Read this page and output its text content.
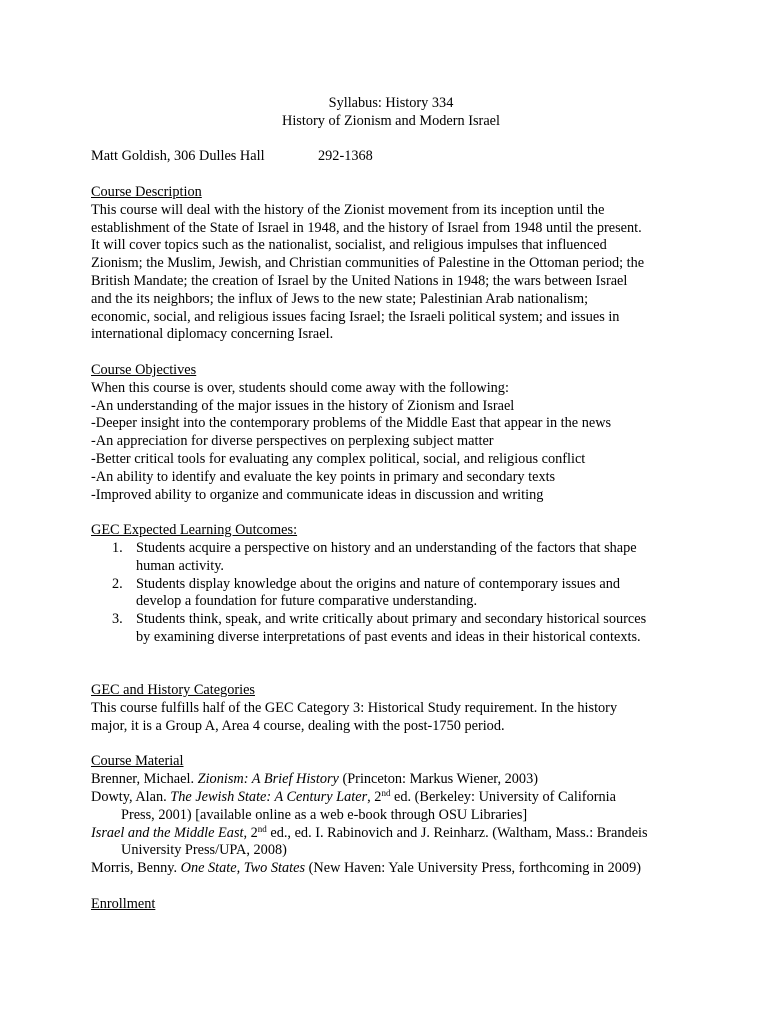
Syllabus: History 334
History of Zionism and Modern Israel
Matt Goldish, 306 Dulles Hall	292-1368
Course Description
This course will deal with the history of the Zionist movement from its inception until the
establishment of the State of Israel in 1948, and the history of Israel from 1948 until the present.
It will cover topics such as the nationalist, socialist, and religious impulses that influenced
Zionism; the Muslim, Jewish, and Christian communities of Palestine in the Ottoman period; the
British Mandate; the creation of Israel by the United Nations in 1948; the wars between Israel
and the its neighbors; the influx of Jews to the new state; Palestinian Arab nationalism;
economic, social, and religious issues facing Israel; the Israeli political system; and issues in
international diplomacy concerning Israel.
Course Objectives
When this course is over, students should come away with the following:
-An understanding of the major issues in the history of Zionism and Israel
-Deeper insight into the contemporary problems of the Middle East that appear in the news
-An appreciation for diverse perspectives on perplexing subject matter
-Better critical tools for evaluating any complex political, social, and religious conflict
-An ability to identify and evaluate the key points in primary and secondary texts
-Improved ability to organize and communicate ideas in discussion and writing
GEC Expected Learning Outcomes:
1. Students acquire a perspective on history and an understanding of the factors that shape
human activity.
2. Students display knowledge about the origins and nature of contemporary issues and
develop a foundation for future comparative understanding.
3. Students think, speak, and write critically about primary and secondary historical sources
by examining diverse interpretations of past events and ideas in their historical contexts.
GEC and History Categories
This course fulfills half of the GEC Category 3: Historical Study requirement. In the history
major, it is a Group A, Area 4 course, dealing with the post-1750 period.
Course Material
Brenner, Michael. Zionism: A Brief History (Princeton: Markus Wiener, 2003)
Dowty, Alan. The Jewish State: A Century Later, 2nd ed. (Berkeley: University of California
Press, 2001) [available online as a web e-book through OSU Libraries]
Israel and the Middle East, 2nd ed., ed. I. Rabinovich and J. Reinharz. (Waltham, Mass.: Brandeis
University Press/UPA, 2008)
Morris, Benny. One State, Two States (New Haven: Yale University Press, forthcoming in 2009)
Enrollment
